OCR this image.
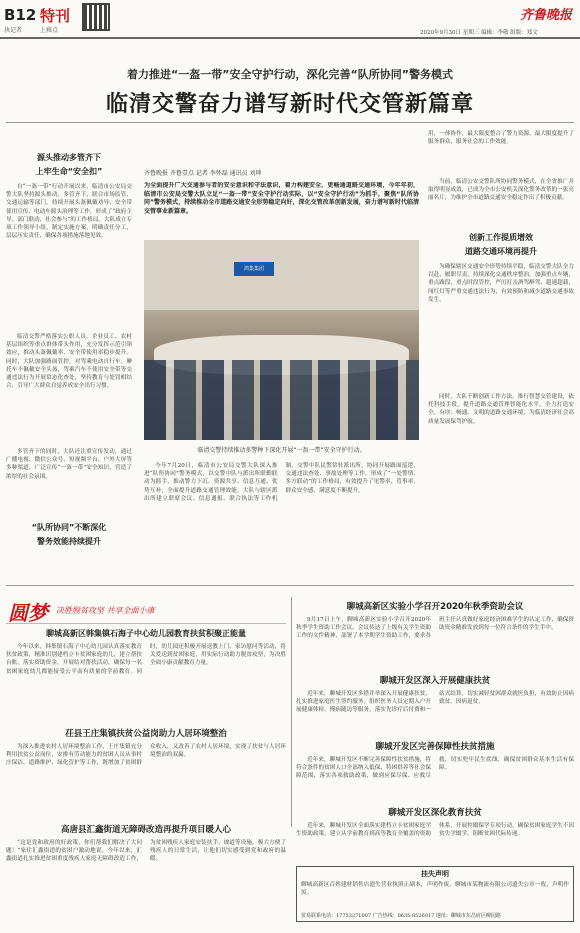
B12 特刊
执记者	上雅点
齐鲁晚报
2020年9月30日 星期三 编辑：李敬 组版：郑文
着力推进“一盔一带”安全守护行动，深化完善“队所协同”警务模式
临清交警奋力谱写新时代交管新篇章
源头推动多管齐下
上牢生命“安全扣”
自“一盔一带”行动开展以来，临清市公安局交警大队坚持源头推动、多管齐下，联合市场监管、交通运输等部门，持续开展头盔佩戴劝导、安全带使用宣传、电动车源头治理等工作，形成了“政府主导、部门联动、社会参与”的工作格局。大队成立专项工作领导小组，制定实施方案，明确责任分工，层层压实责任，确保各项措施落地见效。
临清交警严格落实公职人员、企业员工、农村基层组织等重点群体带头作用，充分发挥示范引领效应，推动头盔佩戴率、安全带使用率稳步提升。同时，大队加强路面管控，对驾乘电动自行车、摩托车不佩戴安全头盔，驾乘汽车不使用安全带等交通违法行为开展常态化查处，坚持教育与处罚相结合，引导广大群众自觉养成安全出行习惯。
多管齐下的同时，大队还注重宣传发动，通过广播电视、微信公众号、短视频平台、户外大屏等多种渠道，广泛宣传“一盔一带”安全知识，营造了浓厚的社会氛围。
“队所协同”不断深化
警务效能持续提升
齐鲁晚报 齐鲁壹点 记者 李怀磊 通讯员 刘坤
为全面提升广大交通参与者的安全意识和守法意识，着力构建安全、更畅通道路交通环境，今年年初，临清市公安局交警大队立足“一盔一带”安全守护行动实际，以“安全守护行动”为抓手，聚焦“队所协同”警务模式，持续推动全市道路交通安全形势稳定向好，深化交管改革创新发展，奋力谱写新时代临清交管事业新篇章。
鸿集集团
临清交警持续推动多警种下深化开展“一盔一带”安全守护行动。
今年7月20日，临清市公安局交警大队深入推进“队所协同”警务模式，以交警中队与派出所联勤联动为抓手，推动警力下沉、资源共享、信息互通、优势互补，全面提升道路交通管理效能。大队与辖区派出所建立联席会议、信息通报、联合执法等工作机制，交警中队民警常驻派出所，协同开展路面巡逻、交通违法查处、事故处理等工作，形成了“一处警情、多方联动”的工作格局，有效提升了见警率、管事率，群众安全感、满意度不断提升。
用，一体协作，最大限度整合了警力资源，最大限度提升了服务群众、服务社会的工作效能。
当前，临清公安交警队所协同警务模式，在全省推广并取得明显成效，已成为全市公安机关深化警务改革的一张亮丽名片，为维护全市道路交通安全稳定作出了积极贡献。
创新工作提质增效
道路交通环境再提升
为确保辖区交通安全形势持续平稳，临清交警大队全力以赴、履职尽责，持续深化交通秩序整治，加强重点车辆、重点路段、重点时段管控，严厉打击酒驾醉驾、超速超载、闯红灯等严重交通违法行为，有效预防和减少道路交通事故发生。
同时，大队不断创新工作方法，推行智慧交管建设，依托科技手段，提升道路交通管理智能化水平，全力打造安全、有序、畅通、文明的道路交通环境，为临清经济社会高质量发展保驾护航。
圆梦 决胜脱贫攻坚 共享全面小康
聊城高新区韩集镇石海子中心幼儿园教育扶贫积聚正能量
今年以来，韩集镇石海子中心幼儿园认真落实教育扶贫政策，精准识别建档立卡贫困家庭幼儿，建立帮扶台账，落实资助资金，开展结对帮扶活动，确保每一名贫困家庭幼儿都能接受公平而有质量的学前教育。同时，幼儿园还积极开展送教上门、家访慰问等活动，将关爱送到贫困家庭，用实际行动助力脱贫攻坚，为决胜全面小康贡献教育力量。
茌县王庄集镇扶贫公益岗助力人居环境整治
为深入推进农村人居环境整治工作，王庄集镇充分利用扶贫公益岗位，安排有劳动能力的贫困人员从事村庄保洁、道路维护、绿化管护等工作，既增加了贫困群众收入，又改善了农村人居环境，实现了扶贫与人居环境整治的双赢。
高唐县汇鑫街道无障碍改造再提升项目暖人心
“这是党和政府的好政策，你们帮我们解决了大问题！”家住汇鑫街道的贫困户激动地说。今年以来，汇鑫街道扎实推进贫困重度残疾人家庭无障碍改造工作，为贫困残疾人家庭安装扶手、坡道等设施，极大方便了残疾人的日常生活，让他们切实感受到党和政府的温暖。
聊城高新区实验小学召开2020年秋季资助会议
9月17日上午，聊城高新区实验小学召开2020年秋季学生资助工作会议。会议传达了上级有关学生资助工作的文件精神，部署了本学期学生资助工作，要求各班主任认真做好家庭经济困难学生的认定工作，确保资助资金精准发放到每一位符合条件的学生手中。
聊城开发区深入开展健康扶贫
近年来，聊城开发区多措并举深入开展健康扶贫，扎实推进家庭医生签约服务，组织医务人员定期入户开展健康体检、慢病随访等服务，落实先诊疗后付费和一站式结算，切实减轻贫困群众就医负担，有效防止因病致贫、因病返贫。
聊城开发区完善保障性扶贫措施
近年来，聊城开发区不断完善保障性扶贫措施，将符合条件的贫困人口全部纳入低保、特困供养等社会保障范围，落实各项救助政策，做到应保尽保、应救尽救，切实兜牢民生底线，确保贫困群众基本生活有保障。
聊城开发区深化教育扶贫
近年来，聊城开发区全面落实建档立卡贫困家庭学生资助政策，建立从学前教育到高等教育全覆盖的资助体系，开展控辍保学专项行动，确保贫困家庭学生不因贫失学辍学，阻断贫困代际传递。
挂失声明
聊城高新区百姓建材销售店遗失营业执照正副本，声明作废。聊城市某物流有限公司遗失公章一枚，声明作废。
贸易联系电话：17753271007 广告热线：0635-8526017 地址：聊城市东昌府区柳园路
